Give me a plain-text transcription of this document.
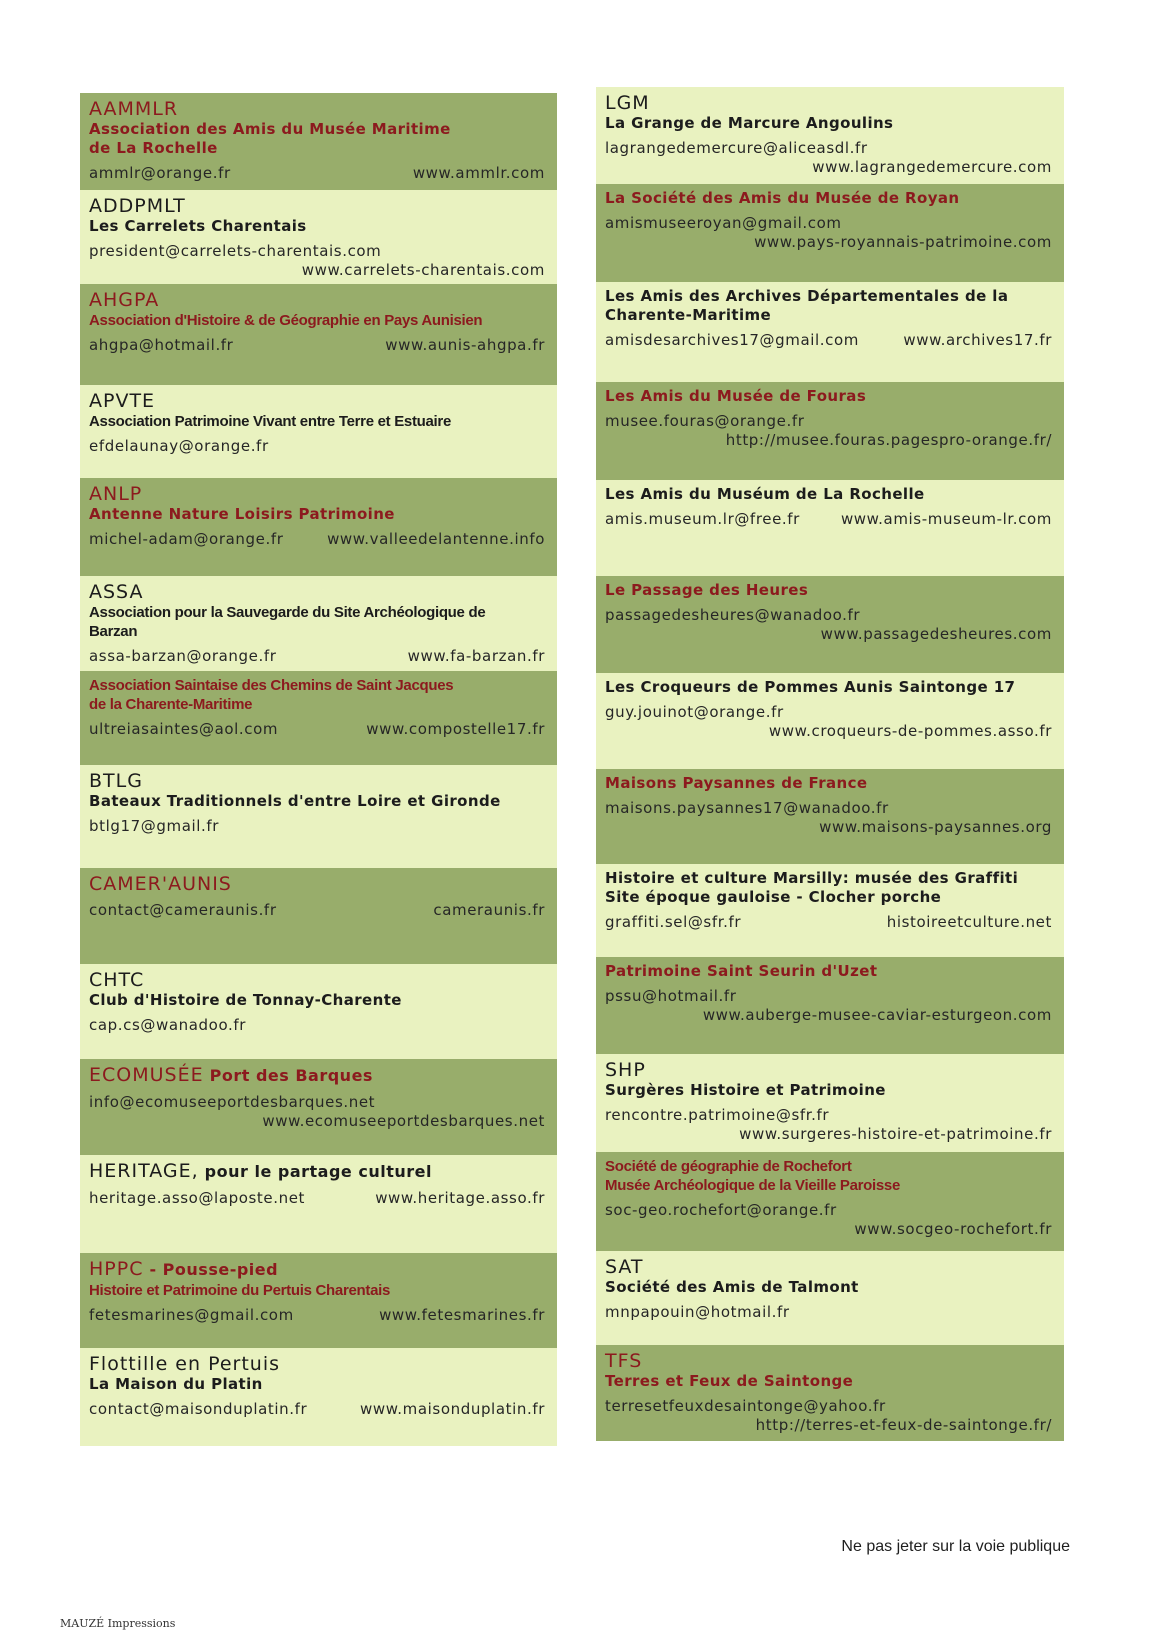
AAMMLR
Association des Amis du Musée Maritime
de La Rochelle
ammlr@orange.fr	www.ammlr.com
ADDPMLT
Les Carrelets Charentais
president@carrelets-charentais.com
www.carrelets-charentais.com
AHGPA
Association d'Histoire & de Géographie en Pays Aunisien
ahgpa@hotmail.fr	www.aunis-ahgpa.fr
APVTE
Association Patrimoine Vivant entre Terre et Estuaire
efdelaunay@orange.fr
ANLP
Antenne Nature Loisirs Patrimoine
michel-adam@orange.fr	www.valleedelantenne.info
ASSA
Association pour la Sauvegarde du Site Archéologique de
Barzan
assa-barzan@orange.fr	www.fa-barzan.fr
Association Saintaise des Chemins de Saint Jacques
de la Charente-Maritime
ultreiasaintes@aol.com	www.compostelle17.fr
BTLG
Bateaux Traditionnels d'entre Loire et Gironde
btlg17@gmail.fr
CAMER'AUNIS
contact@cameraunis.fr	cameraunis.fr
CHTC
Club d'Histoire de Tonnay-Charente
cap.cs@wanadoo.fr
ECOMUSÉE Port des Barques
info@ecomuseeportdesbarques.net
www.ecomuseeportdesbarques.net
HERITAGE, pour le partage culturel
heritage.asso@laposte.net	www.heritage.asso.fr
HPPC - Pousse-pied
Histoire et Patrimoine du Pertuis Charentais
fetesmarines@gmail.com	www.fetesmarines.fr
Flottille en Pertuis
La Maison du Platin
contact@maisonduplatin.fr	www.maisonduplatin.fr
LGM
La Grange de Marcure Angoulins
lagrangedemercure@aliceasdl.fr
www.lagrangedemercure.com
La Société des Amis du Musée de Royan
amismuseeroyan@gmail.com
www.pays-royannais-patrimoine.com
Les Amis des Archives Départementales de la
Charente-Maritime
amisdesarchives17@gmail.com	www.archives17.fr
Les Amis du Musée de Fouras
musee.fouras@orange.fr
http://musee.fouras.pagespro-orange.fr/
Les Amis du Muséum de La Rochelle
amis.museum.lr@free.fr	www.amis-museum-lr.com
Le Passage des Heures
passagedesheures@wanadoo.fr
www.passagedesheures.com
Les Croqueurs de Pommes Aunis Saintonge 17
guy.jouinot@orange.fr
www.croqueurs-de-pommes.asso.fr
Maisons Paysannes de France
maisons.paysannes17@wanadoo.fr
www.maisons-paysannes.org
Histoire et culture Marsilly: musée des Graffiti
Site époque gauloise - Clocher porche
graffiti.sel@sfr.fr	histoireetculture.net
Patrimoine Saint Seurin d'Uzet
pssu@hotmail.fr
www.auberge-musee-caviar-esturgeon.com
SHP
Surgères Histoire et Patrimoine
rencontre.patrimoine@sfr.fr
www.surgeres-histoire-et-patrimoine.fr
Société de géographie de Rochefort
Musée Archéologique de la Vieille Paroisse
soc-geo.rochefort@orange.fr
www.socgeo-rochefort.fr
SAT
Société des Amis de Talmont
mnpapouin@hotmail.fr
TFS
Terres et Feux de Saintonge
terresetfeuxdesaintonge@yahoo.fr
http://terres-et-feux-de-saintonge.fr/
Ne pas jeter sur la voie publique
MAUZÉ Impressions
